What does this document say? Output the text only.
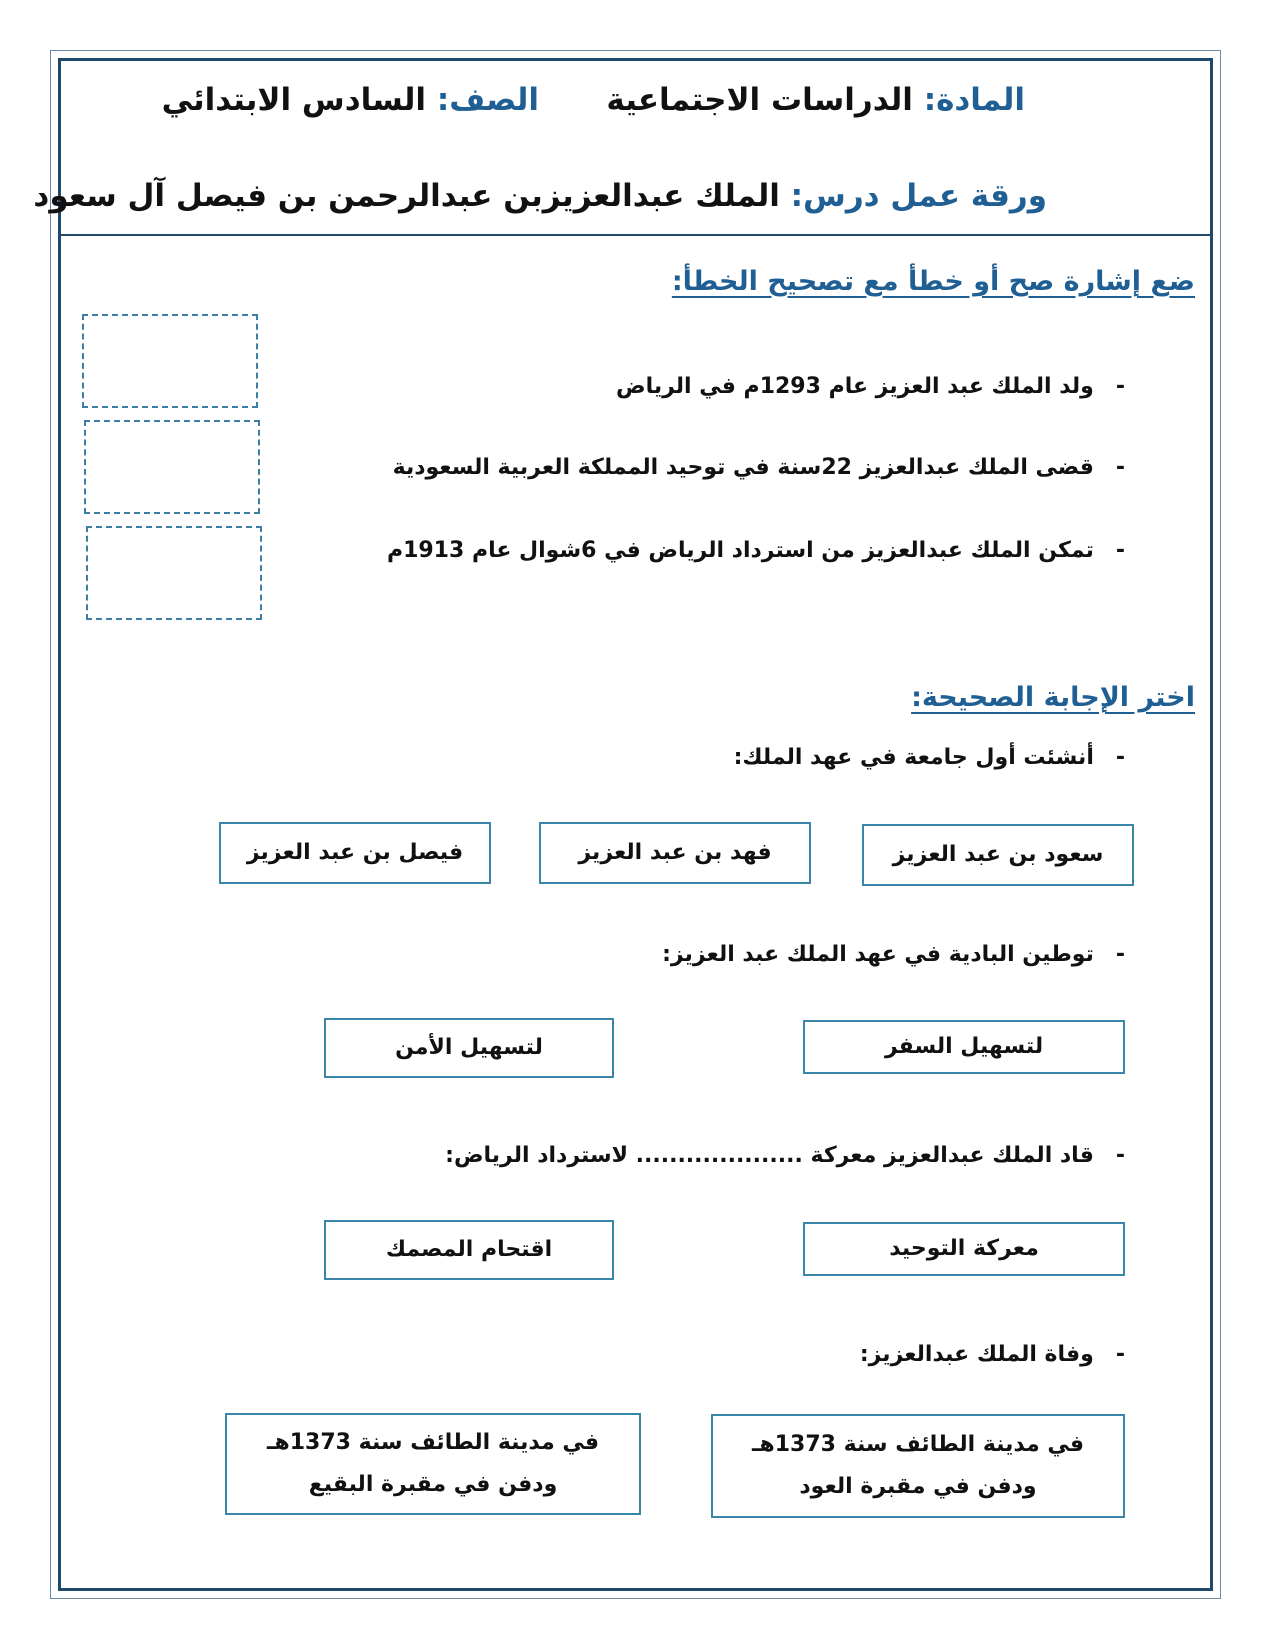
المادة: الدراسات الاجتماعية
الصف: السادس الابتدائي
ورقة عمل درس: الملك عبدالعزيزبن عبدالرحمن بن فيصل آل سعود
ضع إشارة صح أو خطأ مع تصحيح الخطأ:
-ولد الملك عبد العزيز عام 1293م في الرياض
-قضى الملك عبدالعزيز 22سنة في توحيد المملكة العربية السعودية
-تمكن الملك عبدالعزيز من استرداد الرياض في 6شوال عام 1913م
اختر الإجابة الصحيحة:
-أنشئت أول جامعة في عهد الملك:
سعود بن عبد العزيز
فهد بن عبد العزيز
فيصل بن عبد العزيز
-توطين البادية في عهد الملك عبد العزيز:
لتسهيل السفر
لتسهيل الأمن
-قاد الملك عبدالعزيز معركة .................... لاسترداد الرياض:
معركة التوحيد
اقتحام المصمك
-وفاة الملك عبدالعزيز:
في مدينة الطائف سنة 1373هـ
ودفن في مقبرة العود
في مدينة الطائف سنة 1373هـ
ودفن في مقبرة البقيع
